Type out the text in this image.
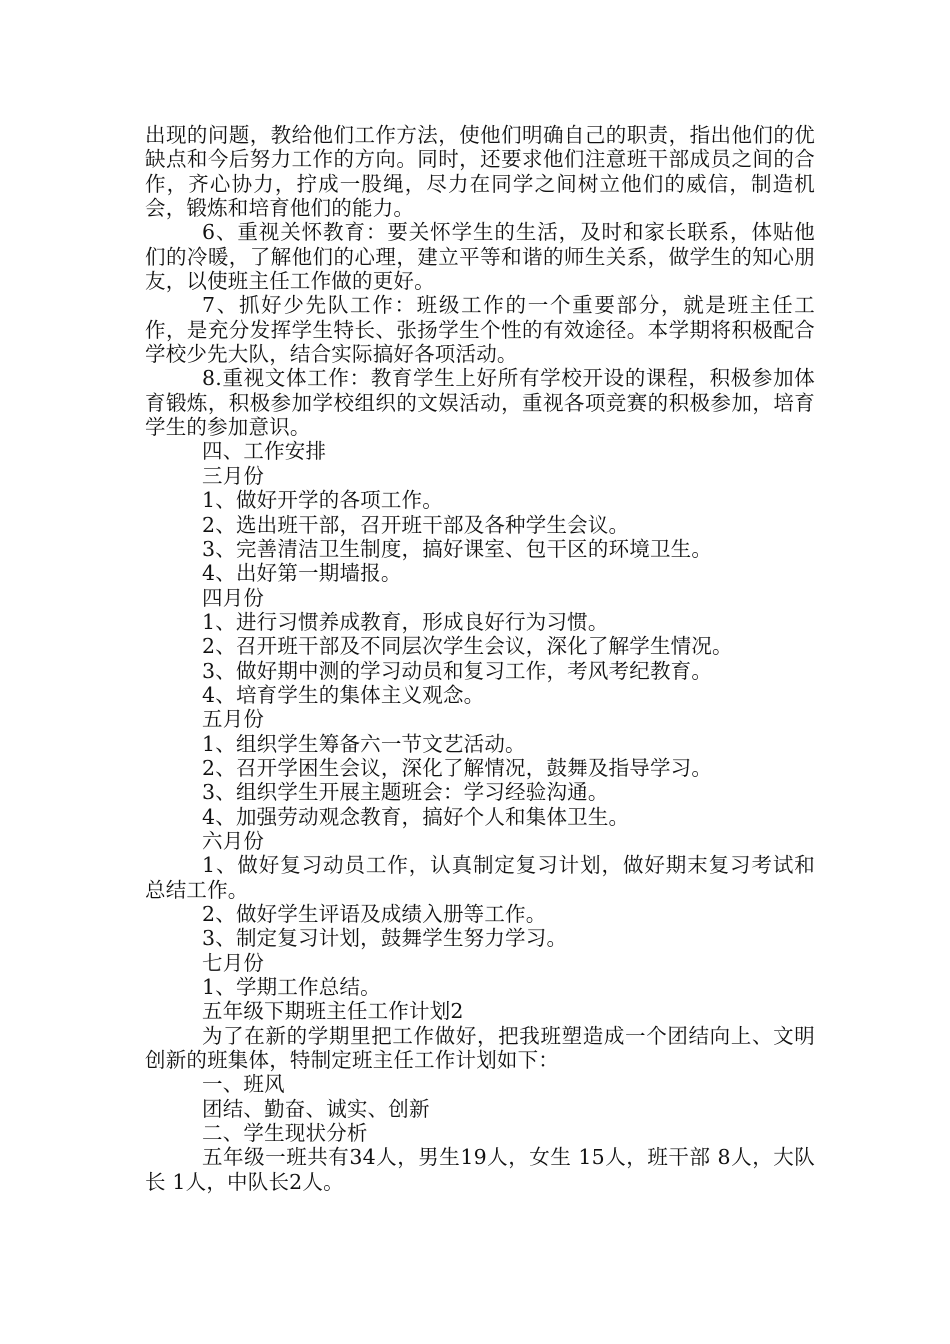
出现的问题，教给他们工作方法，使他们明确自己的职责，指出他们的优缺点和今后努力工作的方向。同时，还要求他们注意班干部成员之间的合作，齐心协力，拧成一股绳，尽力在同学之间树立他们的威信，制造机会，锻炼和培育他们的能力。

6、重视关怀教育：要关怀学生的生活，及时和家长联系，体贴他们的冷暖，了解他们的心理，建立平等和谐的师生关系，做学生的知心朋友，以使班主任工作做的更好。

7、抓好少先队工作：班级工作的一个重要部分，就是班主任工作，是充分发挥学生特长、张扬学生个性的有效途径。本学期将积极配合学校少先大队，结合实际搞好各项活动。

8.重视文体工作：教育学生上好所有学校开设的课程，积极参加体育锻炼，积极参加学校组织的文娱活动，重视各项竞赛的积极参加，培育学生的参加意识。

四、工作安排

三月份

1、做好开学的各项工作。

2、选出班干部，召开班干部及各种学生会议。

3、完善清洁卫生制度，搞好课室、包干区的环境卫生。

4、出好第一期墙报。

四月份

1、进行习惯养成教育，形成良好行为习惯。

2、召开班干部及不同层次学生会议，深化了解学生情况。

3、做好期中测的学习动员和复习工作，考风考纪教育。

4、培育学生的集体主义观念。

五月份

1、组织学生筹备六一节文艺活动。

2、召开学困生会议，深化了解情况，鼓舞及指导学习。

3、组织学生开展主题班会：学习经验沟通。

4、加强劳动观念教育，搞好个人和集体卫生。

六月份

1、做好复习动员工作，认真制定复习计划，做好期末复习考试和总结工作。

2、做好学生评语及成绩入册等工作。

3、制定复习计划，鼓舞学生努力学习。

七月份

1、学期工作总结。

五年级下期班主任工作计划2

为了在新的学期里把工作做好，把我班塑造成一个团结向上、文明创新的班集体，特制定班主任工作计划如下：

一、班风

团结、勤奋、诚实、创新

二、学生现状分析

五年级一班共有34人，男生19人，女生 15人，班干部 8人，大队长 1人，中队长2人。
